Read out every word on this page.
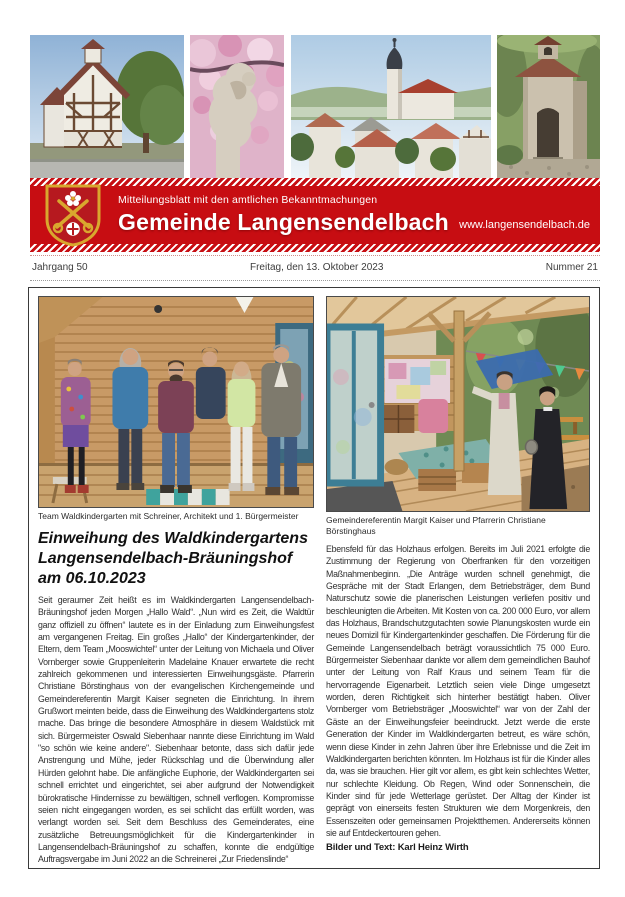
Mitteilungsblatt mit den amtlichen Bekanntmachungen
Gemeinde Langensendelbach www.langensendelbach.de
Jahrgang 50	Freitag, den 13. Oktober 2023	Nummer 21
Team Waldkindergarten mit Schreiner, Architekt und 1. Bürgermeister
Einweihung des Waldkindergartens
Langensendelbach-Bräuningshof
am 06.10.2023

Seit geraumer Zeit heißt es im Waldkindergarten Langensendelbach-Bräuningshof jeden Morgen „Hallo Wald“. „Nun wird es Zeit, die Waldtür ganz offiziell zu öffnen“ lautete es in der Einladung zum Einweihungsfest am vergangenen Freitag. Ein großes „Hallo“ der Kindergartenkinder, der Eltern, dem Team „Mooswichtel“ unter der Leitung von Michaela und Oliver Vornberger sowie Gruppenleiterin Madelaine Knauer erwartete die recht zahlreich gekommenen und interessierten Einweihungsgäste. Pfarrerin Christiane Börstinghaus von der evangelischen Kirchengemeinde und Gemeindereferentin Margit Kaiser segneten die Einrichtung. In ihrem Grußwort meinten beide, dass die Einweihung des Waldkindergartens stolz mache. Das bringe die besondere Atmosphäre in diesem Waldstück mit sich. Bürgermeister Oswald Siebenhaar nannte diese Einrichtung im Wald "so schön wie keine andere". Siebenhaar betonte, dass sich dafür jede Anstrengung und Mühe, jeder Rückschlag und die Überwindung aller Hürden gelohnt habe. Die anfängliche Euphorie, der Waldkindergarten sei schnell errichtet und eingerichtet, sei aber aufgrund der Notwendigkeit bürokratische Hindernisse zu bewältigen, schnell verflogen. Kompromisse seien nicht eingegangen worden, es sei schlicht das erfüllt worden, was verlangt worden sei. Seit dem Beschluss des Gemeinderates, eine zusätzliche Betreuungsmöglichkeit für die Kindergartenkinder in Langensendelbach-Bräuningshof zu schaffen, konnte die endgültige Auftragsvergabe im Juni 2022 an die Schreinerei „Zur Friedenslinde“

Gemeindereferentin Margit Kaiser und Pfarrerin Christiane Börstinghaus

Ebensfeld für das Holzhaus erfolgen. Bereits im Juli 2021 erfolgte die Zustimmung der Regierung von Oberfranken für den vorzeitigen Maßnahmenbeginn. „Die Anträge wurden schnell genehmigt, die Gespräche mit der Stadt Erlangen, dem Betriebsträger, dem Bund Naturschutz sowie die planerischen Leistungen verliefen positiv und beschleunigten die Arbeiten. Mit Kosten von ca. 200 000 Euro, vor allem das Holzhaus, Brandschutzgutachten sowie Planungskosten wurde ein neues Domizil für Kindergartenkinder geschaffen. Die Förderung für die Gemeinde Langensendelbach beträgt voraussichtlich 75 000 Euro. Bürgermeister Siebenhaar dankte vor allem dem gemeindlichen Bauhof unter der Leitung von Ralf Kraus und seinem Team für die hervorragende Eigenarbeit. Letztlich seien viele Dinge umgesetzt worden, deren Richtigkeit sich hinterher bestätigt haben. Oliver Vornberger vom Betriebsträger „Mooswichtel“ war von der Zahl der Gäste an der Einweihungsfeier beeindruckt. Jetzt werde die erste Generation der Kinder im Waldkindergarten betreut, es wäre schön, wenn diese Kinder in zehn Jahren über ihre Erlebnisse und die Zeit im Waldkindergarten berichten könnten. Im Holzhaus ist für die Kinder alles da, was sie brauchen. Hier gilt vor allem, es gibt kein schlechtes Wetter, nur schlechte Kleidung. Ob Regen, Wind oder Sonnenschein, die Kinder sind für jede Wetterlage gerüstet. Der Alltag der Kinder ist geprägt von einerseits festen Strukturen wie dem Morgenkreis, den Essenszeiten oder gemeinsamen Projektthemen. Andererseits können sie auf Entdeckertouren gehen.

Bilder und Text: Karl Heinz Wirth
